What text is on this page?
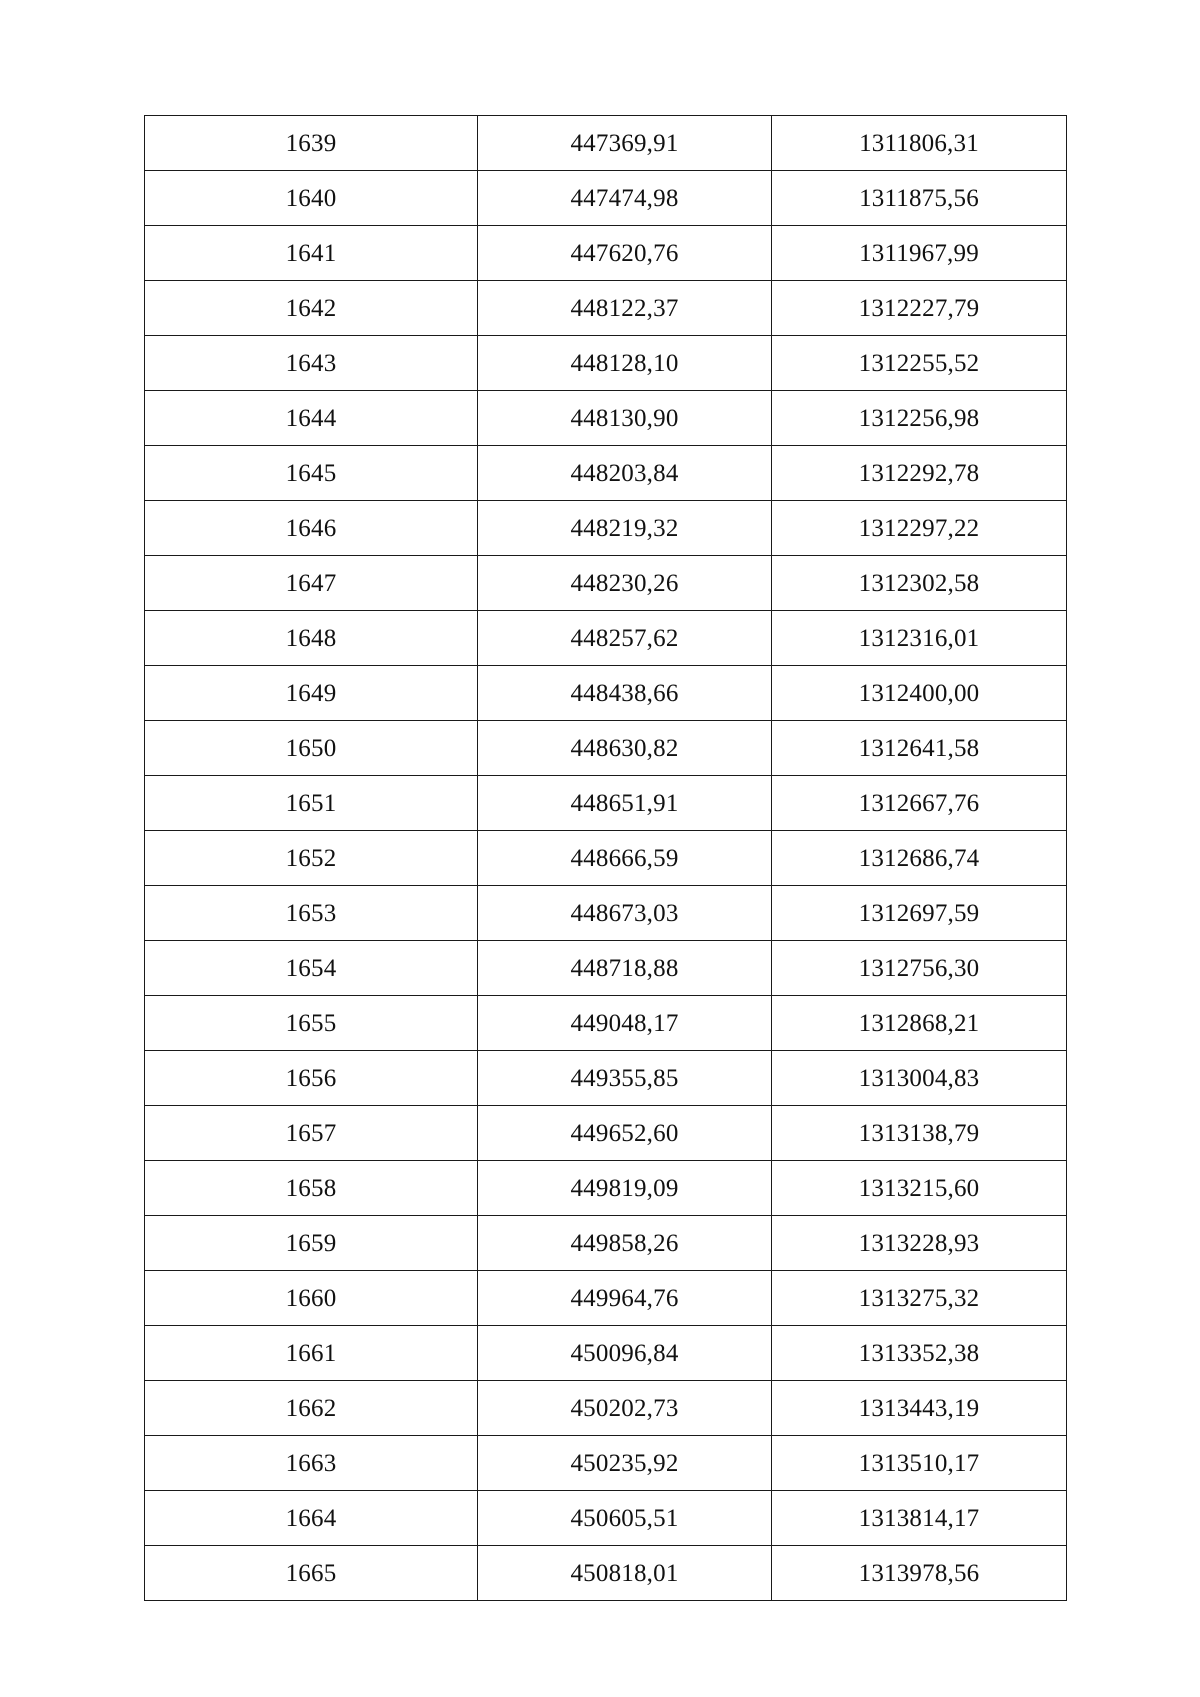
1639	447369,91	1311806,31
1640	447474,98	1311875,56
1641	447620,76	1311967,99
1642	448122,37	1312227,79
1643	448128,10	1312255,52
1644	448130,90	1312256,98
1645	448203,84	1312292,78
1646	448219,32	1312297,22
1647	448230,26	1312302,58
1648	448257,62	1312316,01
1649	448438,66	1312400,00
1650	448630,82	1312641,58
1651	448651,91	1312667,76
1652	448666,59	1312686,74
1653	448673,03	1312697,59
1654	448718,88	1312756,30
1655	449048,17	1312868,21
1656	449355,85	1313004,83
1657	449652,60	1313138,79
1658	449819,09	1313215,60
1659	449858,26	1313228,93
1660	449964,76	1313275,32
1661	450096,84	1313352,38
1662	450202,73	1313443,19
1663	450235,92	1313510,17
1664	450605,51	1313814,17
1665	450818,01	1313978,56
